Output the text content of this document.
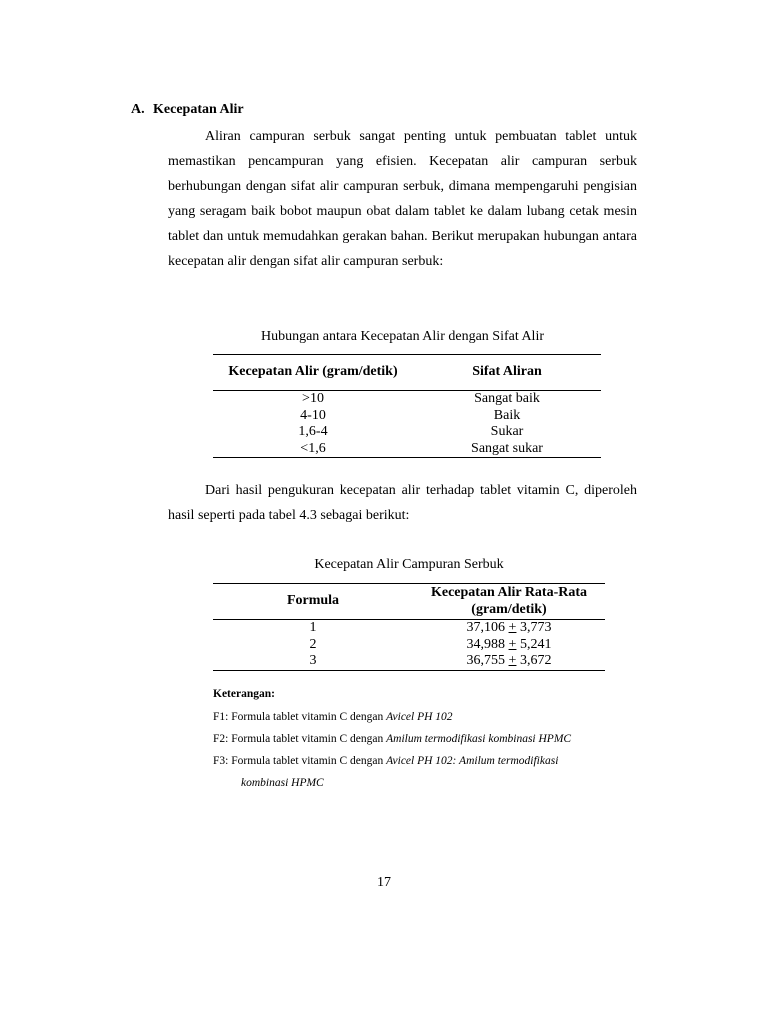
A. Kecepatan Alir

Aliran campuran serbuk sangat penting untuk pembuatan tablet untuk memastikan pencampuran yang efisien. Kecepatan alir campuran serbuk berhubungan dengan sifat alir campuran serbuk, dimana mempengaruhi pengisian yang seragam baik bobot maupun obat dalam tablet ke dalam lubang cetak mesin tablet dan untuk memudahkan gerakan bahan. Berikut merupakan hubungan antara kecepatan alir dengan sifat alir campuran serbuk:

Hubungan antara Kecepatan Alir dengan Sifat Alir
Kecepatan Alir (gram/detik)	Sifat Aliran
>10	Sangat baik
4-10	Baik
1,6-4	Sukar
<1,6	Sangat sukar

Dari hasil pengukuran kecepatan alir terhadap tablet vitamin C, diperoleh hasil seperti pada tabel 4.3 sebagai berikut:

Kecepatan Alir Campuran Serbuk
Formula	Kecepatan Alir Rata-Rata (gram/detik)
1	37,106 + 3,773
2	34,988 + 5,241
3	36,755 + 3,672
Keterangan:
F1: Formula tablet vitamin C dengan Avicel PH 102
F2: Formula tablet vitamin C dengan Amilum termodifikasi kombinasi HPMC
F3: Formula tablet vitamin C dengan Avicel PH 102: Amilum termodifikasi
kombinasi HPMC
17
